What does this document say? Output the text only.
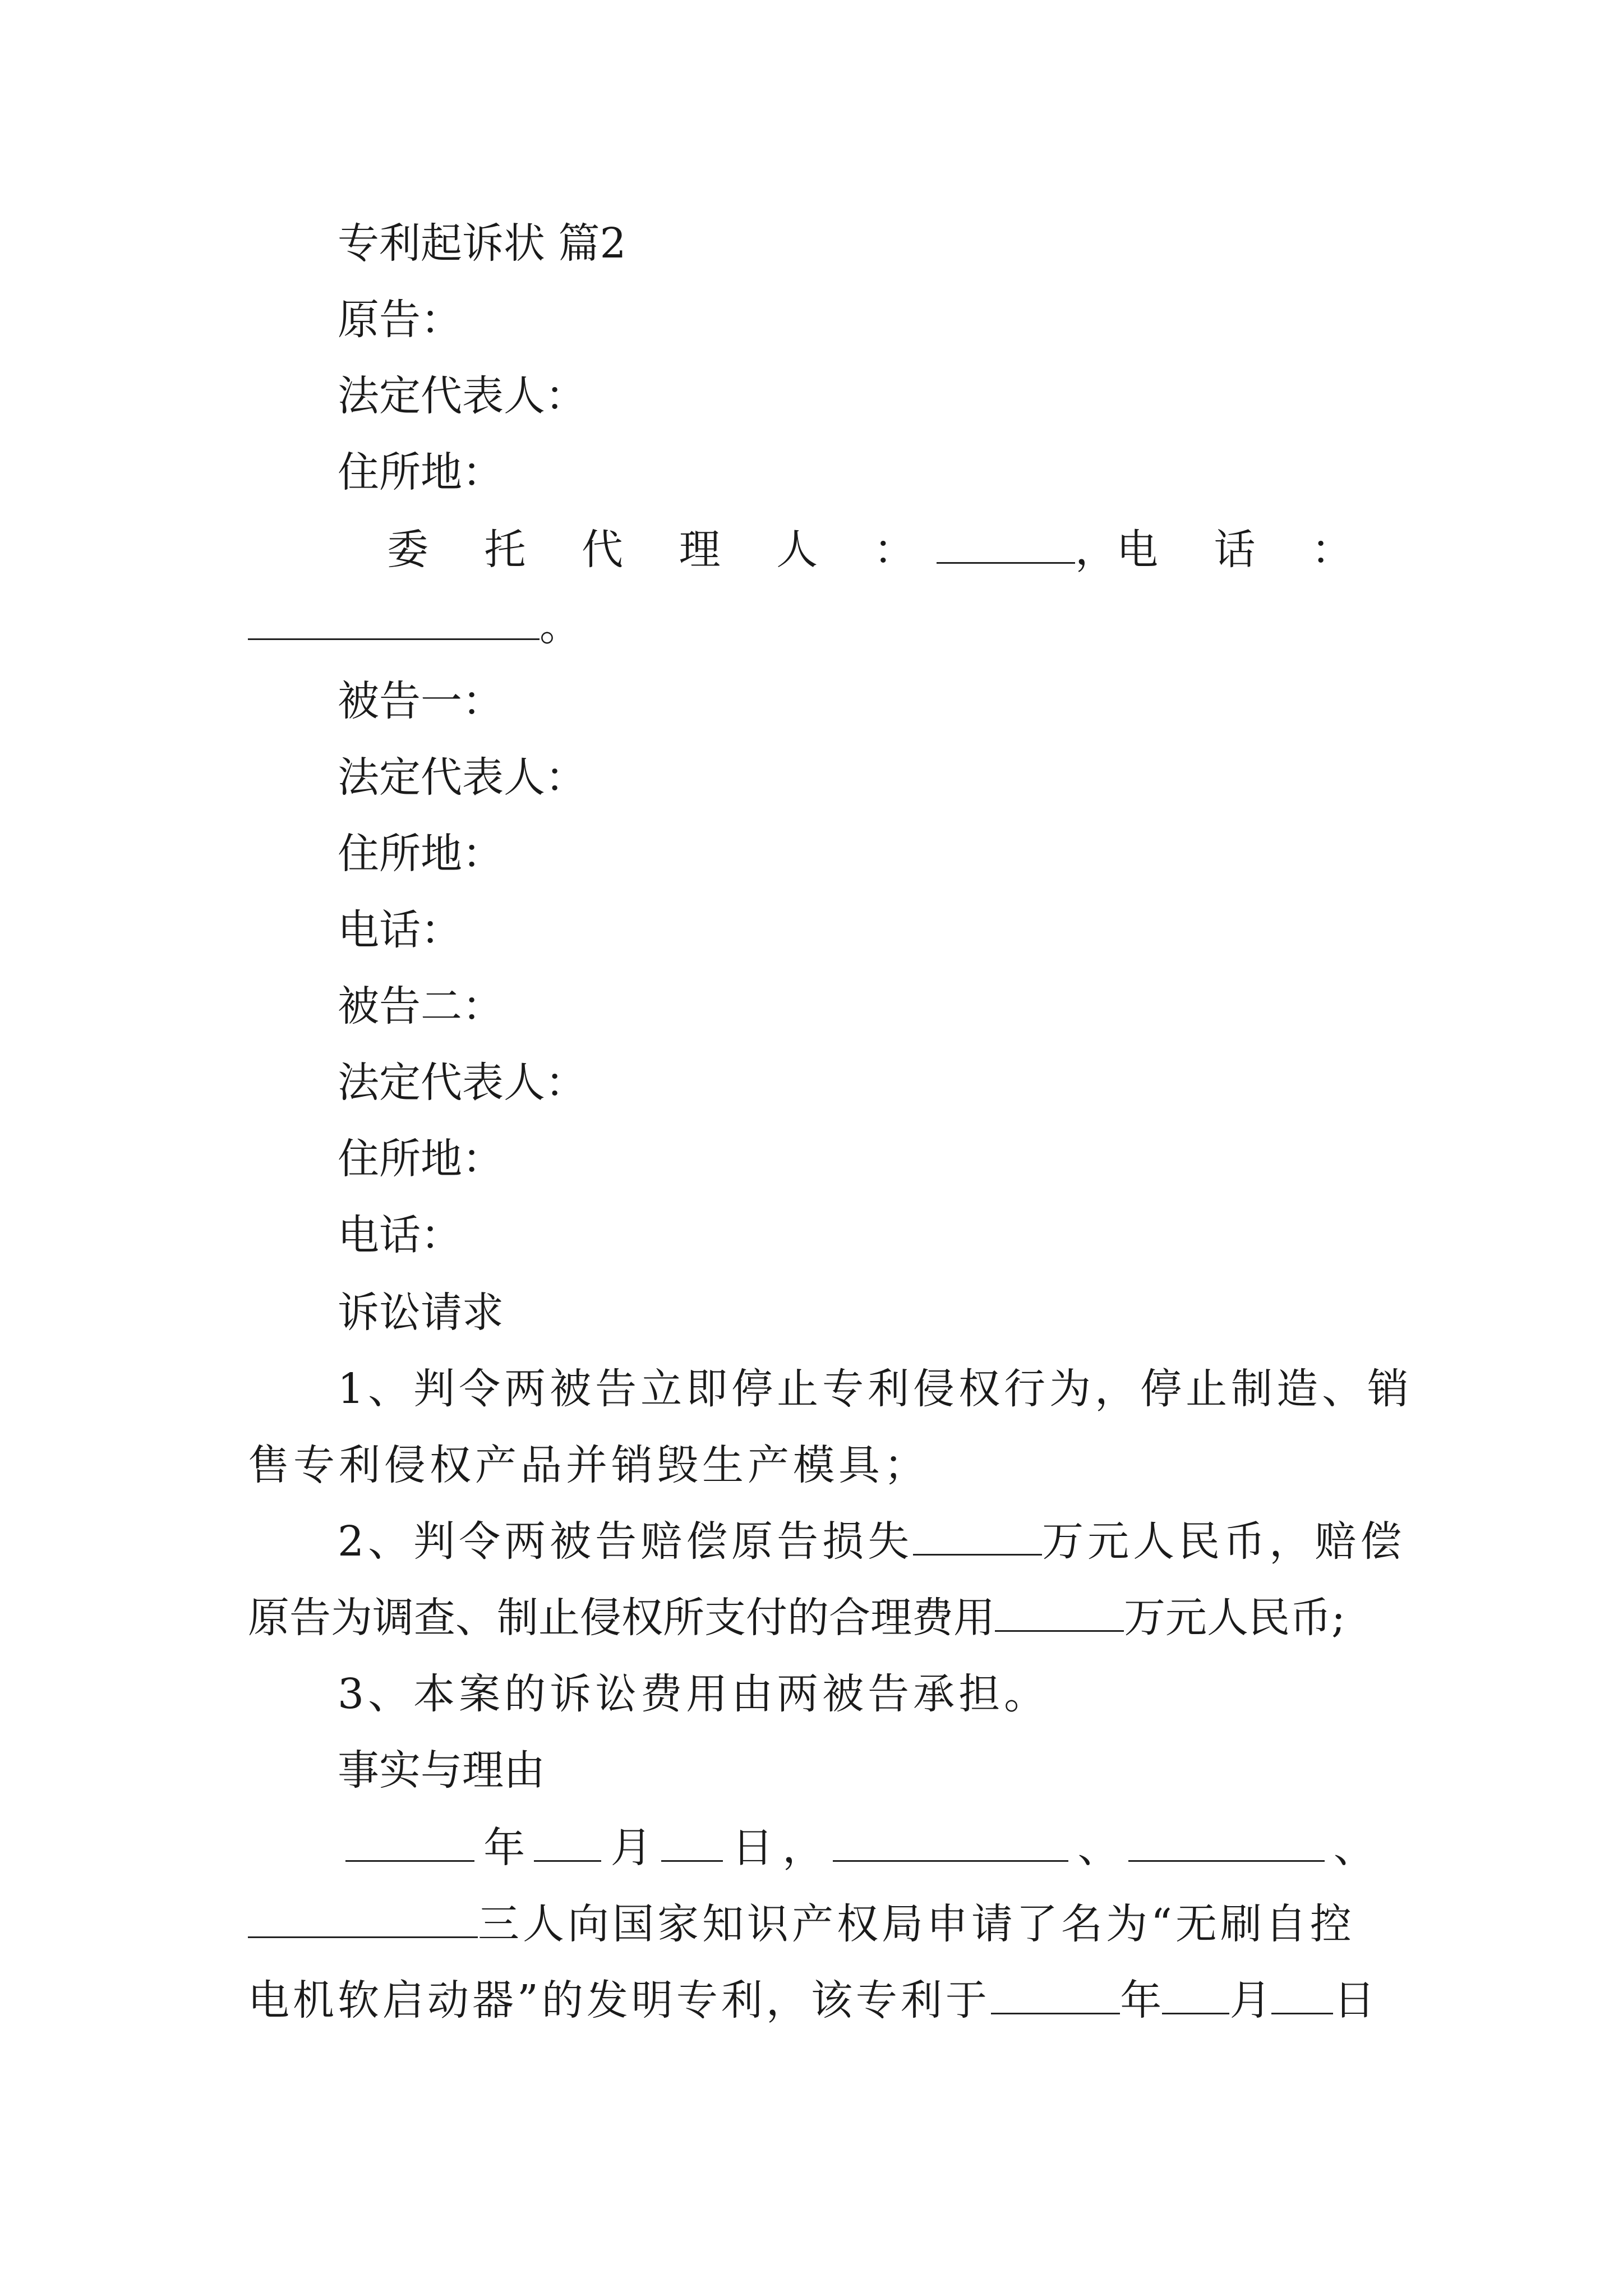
专利起诉状 篇2
原告：
法定代表人：
住所地：
委 托 代 理 人 ：	， 电 话 ：
。
被告一：
法定代表人：
住所地：
电话：
被告二：
法定代表人：
住所地：
电话：
诉讼请求
1、判令两被告立即停止专利侵权行为，停止制造、销
售专利侵权产品并销毁生产模具；
2、判令两被告赔偿原告损失	万元人民币，赔偿
原告为调查、制止侵权所支付的合理费用	万元人民币;
3、本案的诉讼费用由两被告承担。
事实与理由
年 月 日 ，	、	、
三人向国家知识产权局申请了名为“无刷自控
电机软启动器”的发明专利，该专利于	年 月 日
